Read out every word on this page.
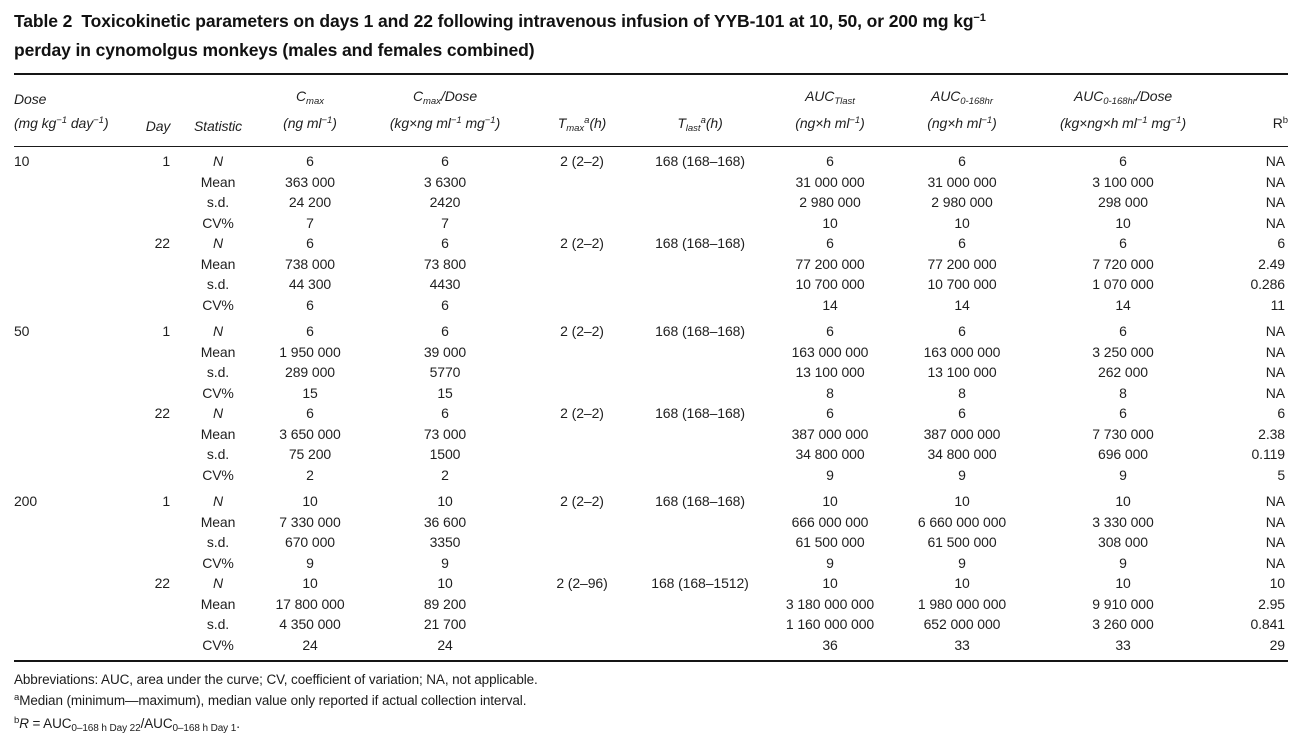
Table 2 Toxicokinetic parameters on days 1 and 22 following intravenous infusion of YYB-101 at 10, 50, or 200 mg $kg^{-1}$
perday in cynomolgus monkeys (males and females combined)
Dose			$C_{max}$	$C_{max}$/Dose			$AUC_{Tlast}$	$AUC_{0-168hr}$	$AUC_{0-168hr}$/Dose	
(mg $kg^{-1}$ day$^{-1}$)	Day	Statistic	(ng $ml^{-1}$)	(kg×ng $ml^{-1}$ $mg^{-1}$)	$T_{max}^a(h)$	$T_{last}^a(h)$	(ng×h $ml^{-1}$)	(ng×h $ml^{-1}$)	(kg×ng×h $ml^{-1}$ $mg^{-1}$)	$R^b$
10	1	N	6	6	2 (2–2)	168 (168–168)	6	6	6	NA
		Mean	363 000	3 6300			31 000 000	31 000 000	3 100 000	NA
		s.d.	24 200	2420			2 980 000	2 980 000	298 000	NA
		CV%	7	7			10	10	10	NA
	22	N	6	6	2 (2–2)	168 (168–168)	6	6	6	6
		Mean	738 000	73 800			77 200 000	77 200 000	7 720 000	2.49
		s.d.	44 300	4430			10 700 000	10 700 000	1 070 000	0.286
		CV%	6	6			14	14	14	11
50	1	N	6	6	2 (2–2)	168 (168–168)	6	6	6	NA
		Mean	1 950 000	39 000			163 000 000	163 000 000	3 250 000	NA
		s.d.	289 000	5770			13 100 000	13 100 000	262 000	NA
		CV%	15	15			8	8	8	NA
	22	N	6	6	2 (2–2)	168 (168–168)	6	6	6	6
		Mean	3 650 000	73 000			387 000 000	387 000 000	7 730 000	2.38
		s.d.	75 200	1500			34 800 000	34 800 000	696 000	0.119
		CV%	2	2			9	9	9	5
200	1	N	10	10	2 (2–2)	168 (168–168)	10	10	10	NA
		Mean	7 330 000	36 600			666 000 000	6 660 000 000	3 330 000	NA
		s.d.	670 000	3350			61 500 000	61 500 000	308 000	NA
		CV%	9	9			9	9	9	NA
	22	N	10	10	2 (2–96)	168 (168–1512)	10	10	10	10
		Mean	17 800 000	89 200			3 180 000 000	1 980 000 000	9 910 000	2.95
		s.d.	4 350 000	21 700			1 160 000 000	652 000 000	3 260 000	0.841
		CV%	24	24			36	33	33	29
Abbreviations: AUC, area under the curve; CV, coefficient of variation; NA, not applicable.
$^a$Median (minimum—maximum), median value only reported if actual collection interval.
$^bR = AUC_{0-168 h Day 22}/AUC_{0-168 h Day 1}$.
